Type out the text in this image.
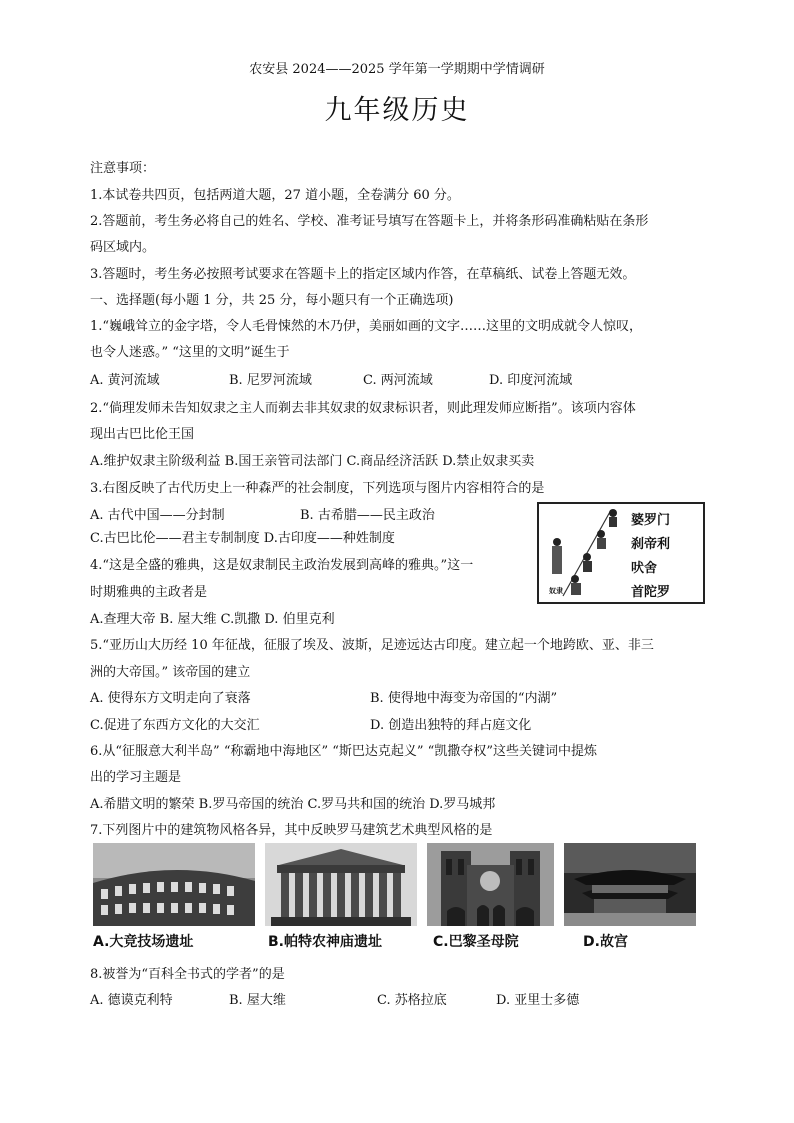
农安县 2024——2025 学年第一学期期中学情调研
九年级历史
注意事项：
1.本试卷共四页，包括两道大题，27 道小题，全卷满分 60 分。
2.答题前，考生务必将自己的姓名、学校、准考证号填写在答题卡上，并将条形码准确粘贴在条形
码区域内。
3.答题时，考生务必按照考试要求在答题卡上的指定区域内作答，在草稿纸、试卷上答题无效。
一、选择题(每小题 1 分，共 25 分，每小题只有一个正确选项)
1.“巍峨耸立的金字塔，令人毛骨悚然的木乃伊，美丽如画的文字……这里的文明成就令人惊叹，
也令人迷惑。” “这里的文明”诞生于
A. 黄河流域	B. 尼罗河流域	C. 两河流域	D. 印度河流域
2.“倘理发师未告知奴隶之主人而剃去非其奴隶的奴隶标识者，则此理发师应断指”。该项内容体
现出古巴比伦王国
A.维护奴隶主阶级利益 B.国王亲管司法部门 C.商品经济活跃 D.禁止奴隶买卖
3.右图反映了古代历史上一种森严的社会制度，下列选项与图片内容相符合的是
A. 古代中国——分封制	B. 古希腊——民主政治
C.古巴比伦——君主专制制度 D.古印度——种姓制度
婆罗门
刹帝利
吠舍
首陀罗
奴隶
4.“这是全盛的雅典，这是奴隶制民主政治发展到高峰的雅典。”这一
时期雅典的主政者是
A.查理大帝 B. 屋大维 C.凯撒 D. 伯里克利
5.“亚历山大历经 10 年征战，征服了埃及、波斯，足迹远达古印度。建立起一个地跨欧、亚、非三
洲的大帝国。” 该帝国的建立
A. 使得东方文明走向了衰落	B. 使得地中海变为帝国的“内湖”
C.促进了东西方文化的大交汇	D. 创造出独特的拜占庭文化
6.从“征服意大利半岛” “称霸地中海地区” “斯巴达克起义” “凯撒夺权”这些关键词中提炼
出的学习主题是
A.希腊文明的繁荣 B.罗马帝国的统治 C.罗马共和国的统治 D.罗马城邦
7.下列图片中的建筑物风格各异，其中反映罗马建筑艺术典型风格的是
A.大竞技场遗址	B.帕特农神庙遗址	C.巴黎圣母院	D.故宫
8.被誉为“百科全书式的学者”的是
A. 德谟克利特	B. 屋大维	C. 苏格拉底	D. 亚里士多德
